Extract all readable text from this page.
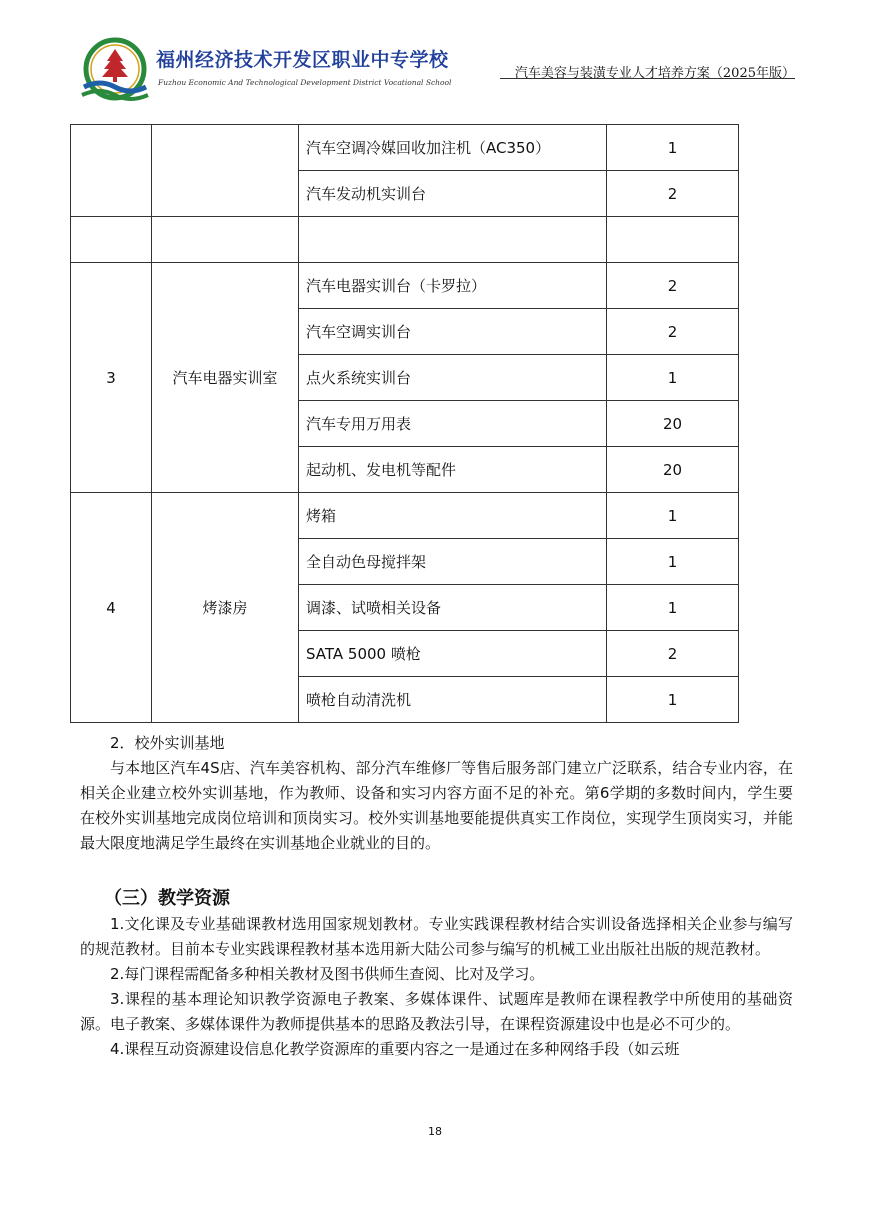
福州经济技术开发区职业中专学校
Fuzhou Economic And Technological Development District Vocational School
汽车美容与装潢专业人才培养方案（2025年版）
		汽车空调冷媒回收加注机（AC350）	1
		汽车发动机实训台	2

3	汽车电器实训室	汽车电器实训台（卡罗拉）	2
		汽车空调实训台	2
		点火系统实训台	1
		汽车专用万用表	20
		起动机、发电机等配件	20
4	烤漆房	烤箱	1
		全自动色母搅拌架	1
		调漆、试喷相关设备	1
		SATA 5000 喷枪	2
		喷枪自动清洗机	1

2．校外实训基地

与本地区汽车4S店、汽车美容机构、部分汽车维修厂等售后服务部门建立广泛联系，结合专业内容，在相关企业建立校外实训基地，作为教师、设备和实习内容方面不足的补充。第6学期的多数时间内，学生要在校外实训基地完成岗位培训和顶岗实习。校外实训基地要能提供真实工作岗位，实现学生顶岗实习，并能最大限度地满足学生最终在实训基地企业就业的目的。

（三）教学资源

1.文化课及专业基础课教材选用国家规划教材。专业实践课程教材结合实训设备选择相关企业参与编写的规范教材。目前本专业实践课程教材基本选用新大陆公司参与编写的机械工业出版社出版的规范教材。

2.每门课程需配备多种相关教材及图书供师生查阅、比对及学习。

3.课程的基本理论知识教学资源电子教案、多媒体课件、试题库是教师在课程教学中所使用的基础资源。电子教案、多媒体课件为教师提供基本的思路及教法引导，在课程资源建设中也是必不可少的。

4.课程互动资源建设信息化教学资源库的重要内容之一是通过在多种网络手段（如云班

18
